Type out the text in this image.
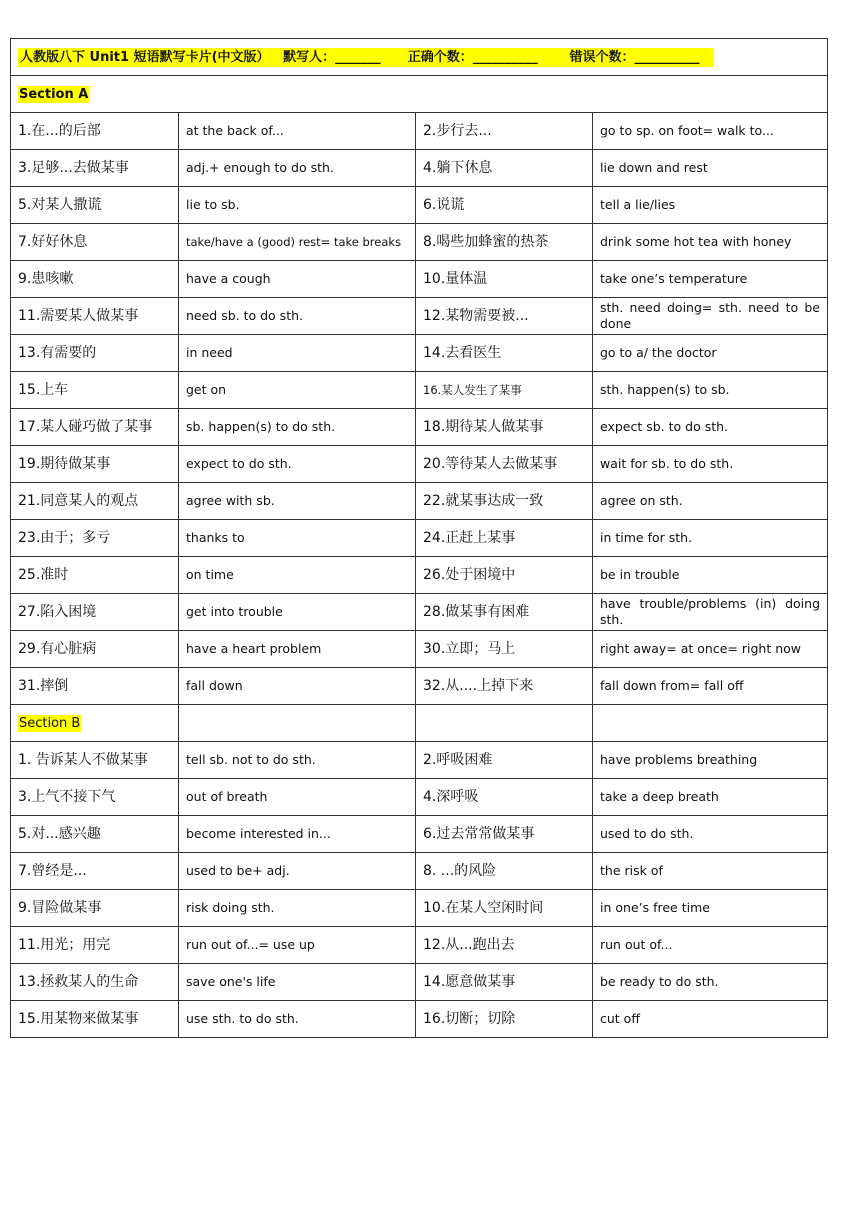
人教版八下 Unit1 短语默写卡片(中文版） 默写人：_______ 正确个数：__________ 错误个数：__________			
Section A			
1.在...的后部	at the back of...	2.步行去...	go to sp. on foot= walk to...
3.足够...去做某事	adj.+ enough to do sth.	4.躺下休息	lie down and rest
5.对某人撒谎	lie to sb.	6.说谎	tell a lie/lies
7.好好休息	take/have a (good) rest= take breaks	8.喝些加蜂蜜的热茶	drink some hot tea with honey
9.患咳嗽	have a cough	10.量体温	take one’s temperature
11.需要某人做某事	need sb. to do sth.	12.某物需要被...	sth. need doing= sth. need to be done
13.有需要的	in need	14.去看医生	go to a/ the doctor
15.上车	get on	16.某人发生了某事	sth. happen(s) to sb.
17.某人碰巧做了某事	sb. happen(s) to do sth.	18.期待某人做某事	expect sb. to do sth.
19.期待做某事	expect to do sth.	20.等待某人去做某事	wait for sb. to do sth.
21.同意某人的观点	agree with sb.	22.就某事达成一致	agree on sth.
23.由于；多亏	thanks to	24.正赶上某事	in time for sth.
25.准时	on time	26.处于困境中	be in trouble
27.陷入困境	get into trouble	28.做某事有困难	have trouble/problems (in) doing sth.
29.有心脏病	have a heart problem	30.立即；马上	right away= at once= right now
31.摔倒	fall down	32.从....上掉下来	fall down from= fall off
Section B			
1. 告诉某人不做某事	tell sb. not to do sth.	2.呼吸困难	have problems breathing
3.上气不接下气	out of breath	4.深呼吸	take a deep breath
5.对...感兴趣	become interested in...	6.过去常常做某事	used to do sth.
7.曾经是...	used to be+ adj.	8. ...的风险	the risk of
9.冒险做某事	risk doing sth.	10.在某人空闲时间	in one’s free time
11.用光；用完	run out of...= use up	12.从...跑出去	run out of...
13.拯救某人的生命	save one's life	14.愿意做某事	be ready to do sth.
15.用某物来做某事	use sth. to do sth.	16.切断；切除	cut off
